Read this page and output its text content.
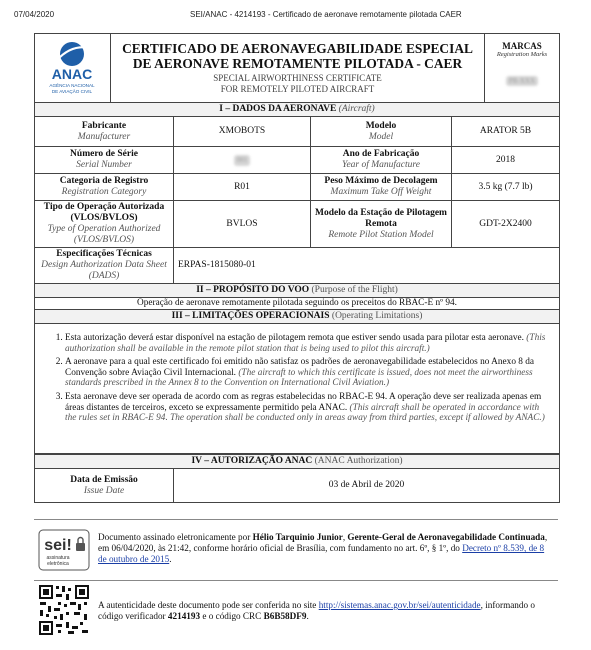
07/04/2020	SEI/ANAC - 4214193 - Certificado de aeronave remotamente pilotada CAER
ANAC
AGÊNCIA NACIONAL
DE AVIAÇÃO CIVIL
CERTIFICADO DE AERONAVEGABILIDADE ESPECIAL
DE AERONAVE REMOTAMENTE PILOTADA - CAER
SPECIAL AIRWORTHINESS CERTIFICATE
FOR REMOTELY PILOTED AIRCRAFT
MARCAS
Registration Marks
PR-XXX
I – DADOS DA AERONAVE (Aircraft)
Fabricante
Manufacturer
XMOBOTS
Modelo
Model
ARATOR 5B
Número de Série
Serial Number
001
Ano de Fabricação
Year of Manufacture
2018
Categoria de Registro
Registration Category
R01
Peso Máximo de Decolagem
Maximum Take Off Weight
3.5 kg (7.7 lb)
Tipo de Operação Autorizada (VLOS/BVLOS)
Type of Operation Authorized (VLOS/BVLOS)
BVLOS
Modelo da Estação de Pilotagem Remota
Remote Pilot Station Model
GDT-2X2400
Especificações Técnicas
Design Authorization Data Sheet (DADS)
ERPAS-1815080-01
II – PROPÓSITO DO VOO (Purpose of the Flight)
Operação de aeronave remotamente pilotada seguindo os preceitos do RBAC-E nº 94.
III – LIMITAÇÕES OPERACIONAIS (Operating Limitations)
1. Esta autorização deverá estar disponível na estação de pilotagem remota que estiver sendo usada para pilotar esta aeronave. (This authorization shall be available in the remote pilot station that is being used to pilot this aircraft.)
2. A aeronave para a qual este certificado foi emitido não satisfaz os padrões de aeronavegabilidade estabelecidos no Anexo 8 da Convenção sobre Aviação Civil Internacional. (The aircraft to which this certificate is issued, does not meet the airworthiness standards prescribed in the Annex 8 to the Convention on International Civil Aviation.)
3. Esta aeronave deve ser operada de acordo com as regras estabelecidas no RBAC-E 94. A operação deve ser realizada apenas em áreas distantes de terceiros, exceto se expressamente permitido pela ANAC. (This aircraft shall be operated in accordance with the rules set in RBAC-E 94. The operation shall be conducted only in areas away from third parties, except if allowed by ANAC.)
IV – AUTORIZAÇÃO ANAC (ANAC Authorization)
Data de Emissão
Issue Date
03 de Abril de 2020
sei!
assinatura
eletrônica
Documento assinado eletronicamente por Hélio Tarquinio Junior, Gerente-Geral de Aeronavegabilidade Continuada, em 06/04/2020, às 21:42, conforme horário oficial de Brasília, com fundamento no art. 6º, § 1º, do Decreto nº 8.539, de 8 de outubro de 2015.
A autenticidade deste documento pode ser conferida no site http://sistemas.anac.gov.br/sei/autenticidade, informando o código verificador 4214193 e o código CRC B6B58DF9.
